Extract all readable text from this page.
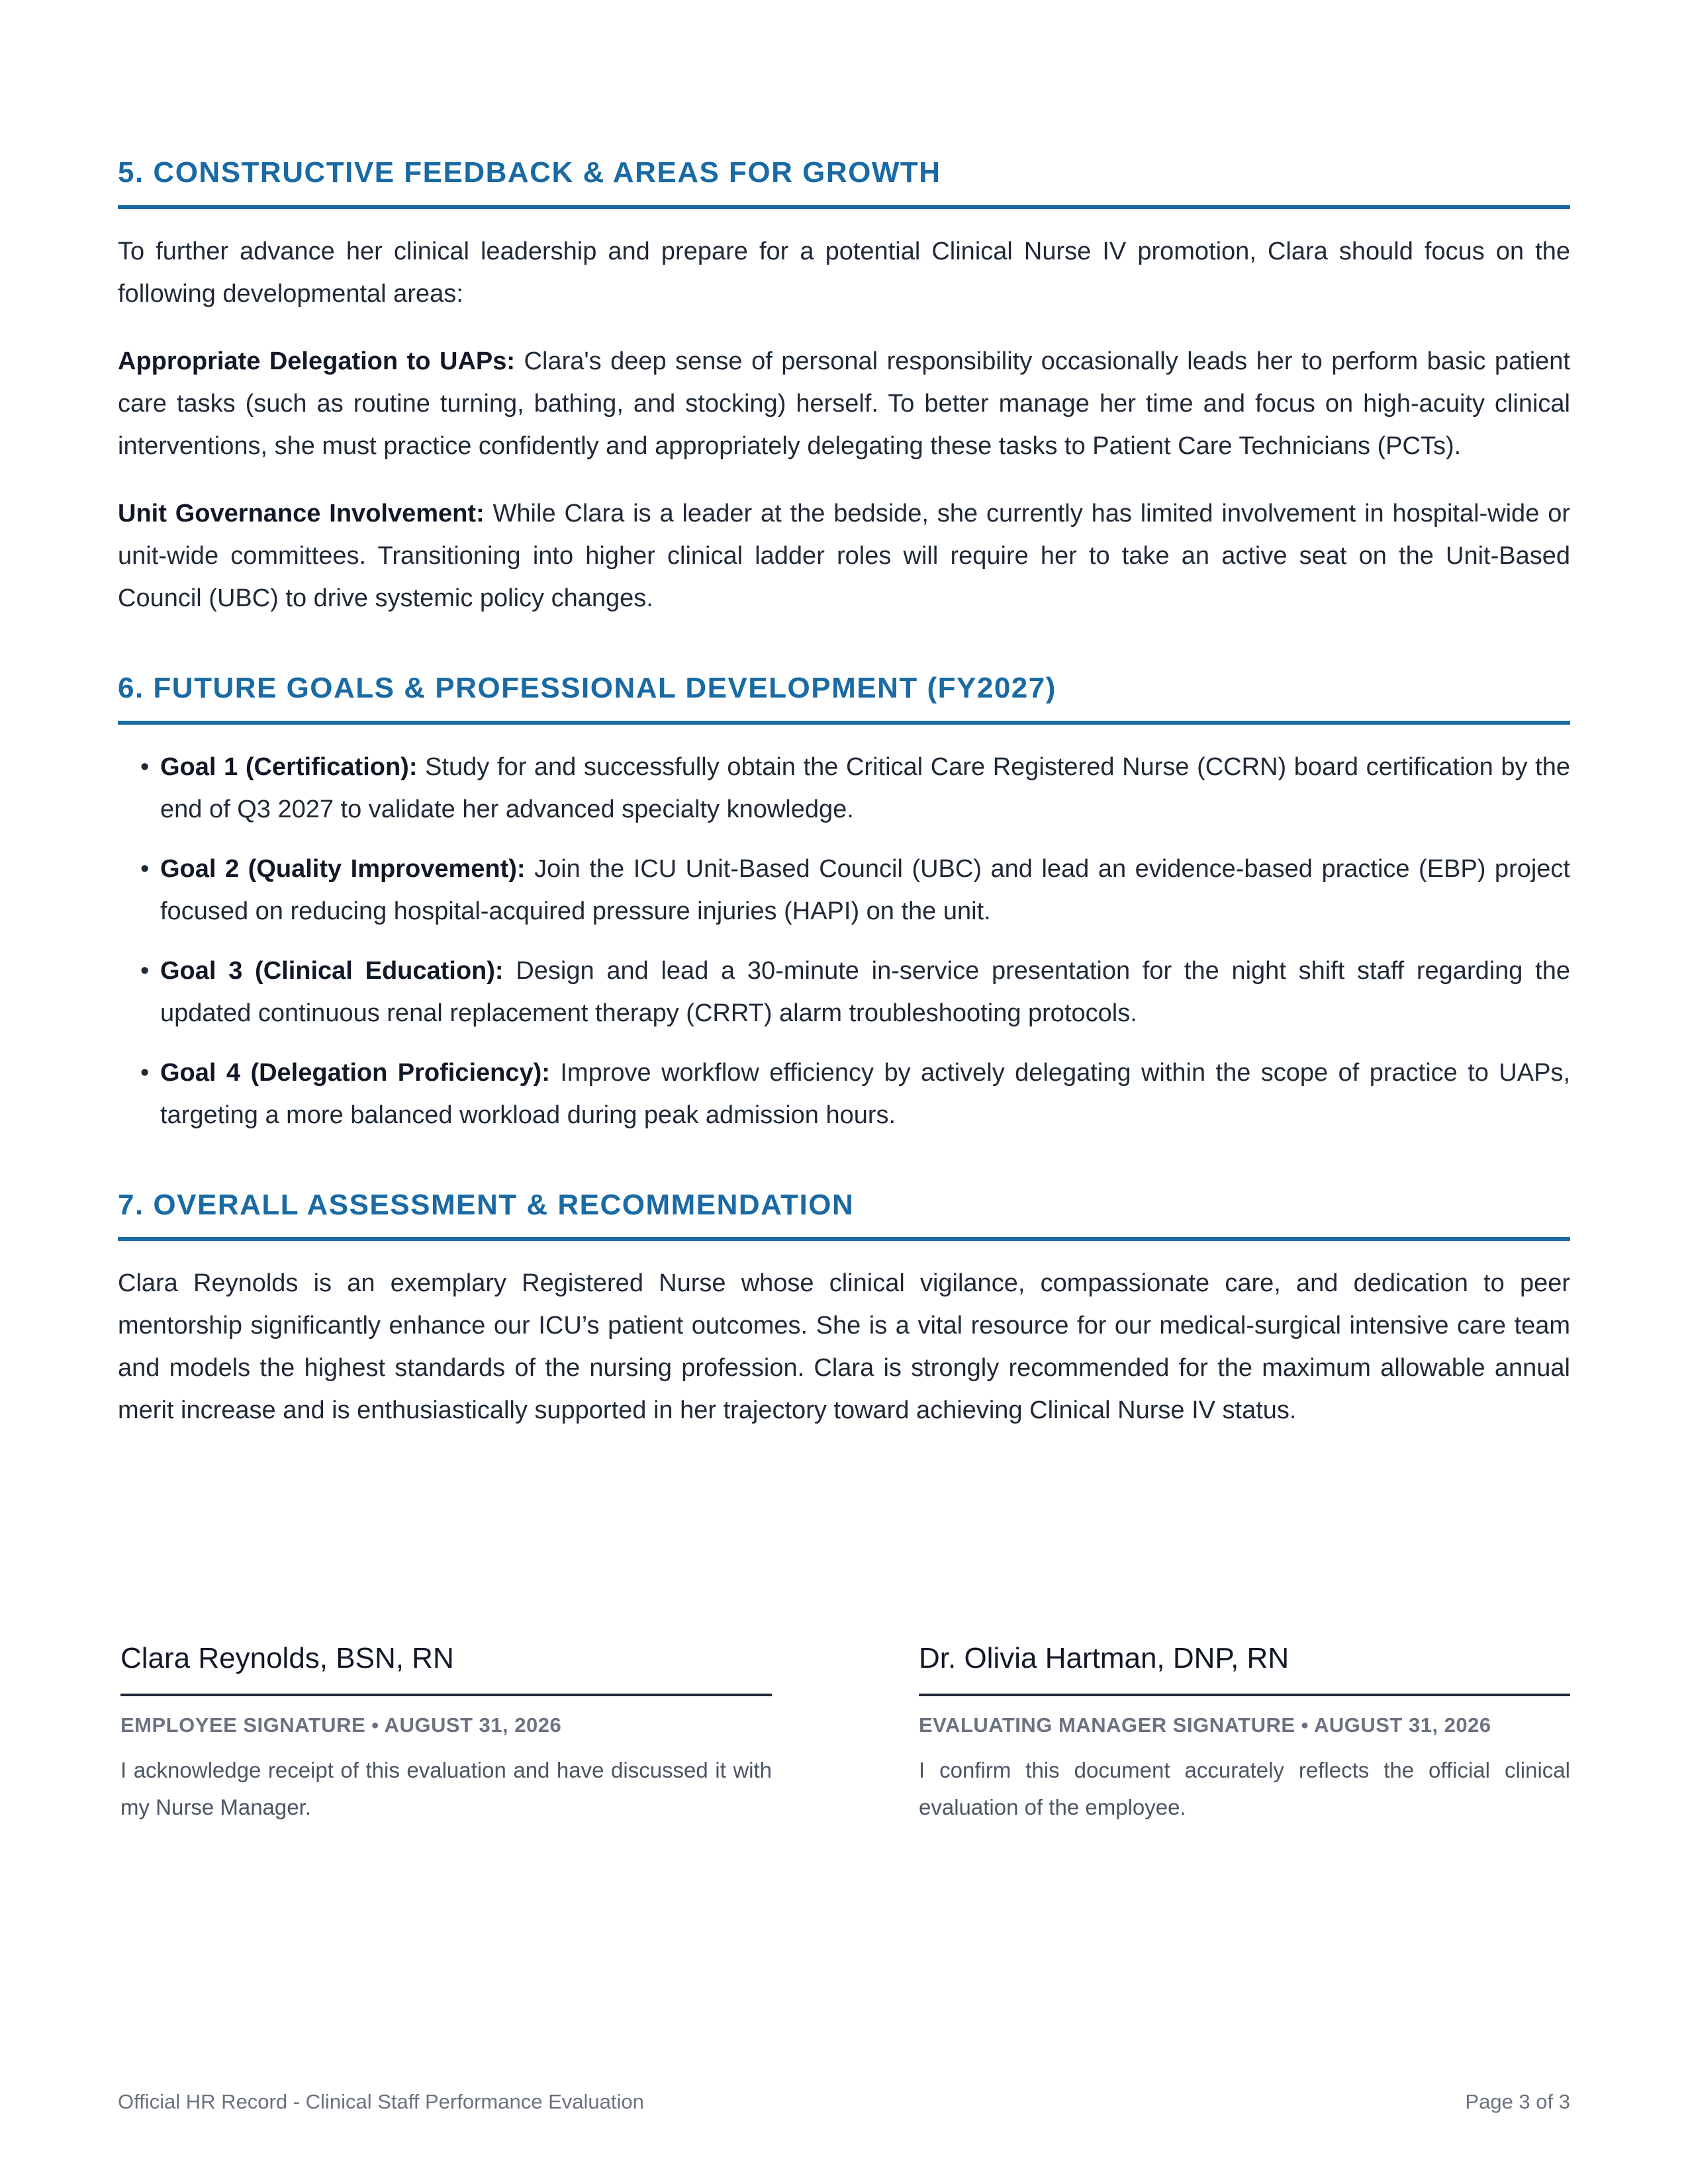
5. CONSTRUCTIVE FEEDBACK & AREAS FOR GROWTH

To further advance her clinical leadership and prepare for a potential Clinical Nurse IV promotion, Clara should focus on the following developmental areas:

Appropriate Delegation to UAPs: Clara's deep sense of personal responsibility occasionally leads her to perform basic patient care tasks (such as routine turning, bathing, and stocking) herself. To better manage her time and focus on high-acuity clinical interventions, she must practice confidently and appropriately delegating these tasks to Patient Care Technicians (PCTs).

Unit Governance Involvement: While Clara is a leader at the bedside, she currently has limited involvement in hospital-wide or unit-wide committees. Transitioning into higher clinical ladder roles will require her to take an active seat on the Unit-Based Council (UBC) to drive systemic policy changes.

6. FUTURE GOALS & PROFESSIONAL DEVELOPMENT (FY2027)
• Goal 1 (Certification): Study for and successfully obtain the Critical Care Registered Nurse (CCRN) board certification by the end of Q3 2027 to validate her advanced specialty knowledge.
• Goal 2 (Quality Improvement): Join the ICU Unit-Based Council (UBC) and lead an evidence-based practice (EBP) project focused on reducing hospital-acquired pressure injuries (HAPI) on the unit.
• Goal 3 (Clinical Education): Design and lead a 30-minute in-service presentation for the night shift staff regarding the updated continuous renal replacement therapy (CRRT) alarm troubleshooting protocols.
• Goal 4 (Delegation Proficiency): Improve workflow efficiency by actively delegating within the scope of practice to UAPs, targeting a more balanced workload during peak admission hours.
7. OVERALL ASSESSMENT & RECOMMENDATION

Clara Reynolds is an exemplary Registered Nurse whose clinical vigilance, compassionate care, and dedication to peer mentorship significantly enhance our ICU’s patient outcomes. She is a vital resource for our medical-surgical intensive care team and models the highest standards of the nursing profession. Clara is strongly recommended for the maximum allowable annual merit increase and is enthusiastically supported in her trajectory toward achieving Clinical Nurse IV status.

Clara Reynolds, BSN, RN
EMPLOYEE SIGNATURE • AUGUST 31, 2026
I acknowledge receipt of this evaluation and have discussed it with my Nurse Manager.
Dr. Olivia Hartman, DNP, RN
EVALUATING MANAGER SIGNATURE • AUGUST 31, 2026
I confirm this document accurately reflects the official clinical evaluation of the employee.
Official HR Record - Clinical Staff Performance Evaluation	Page 3 of 3
